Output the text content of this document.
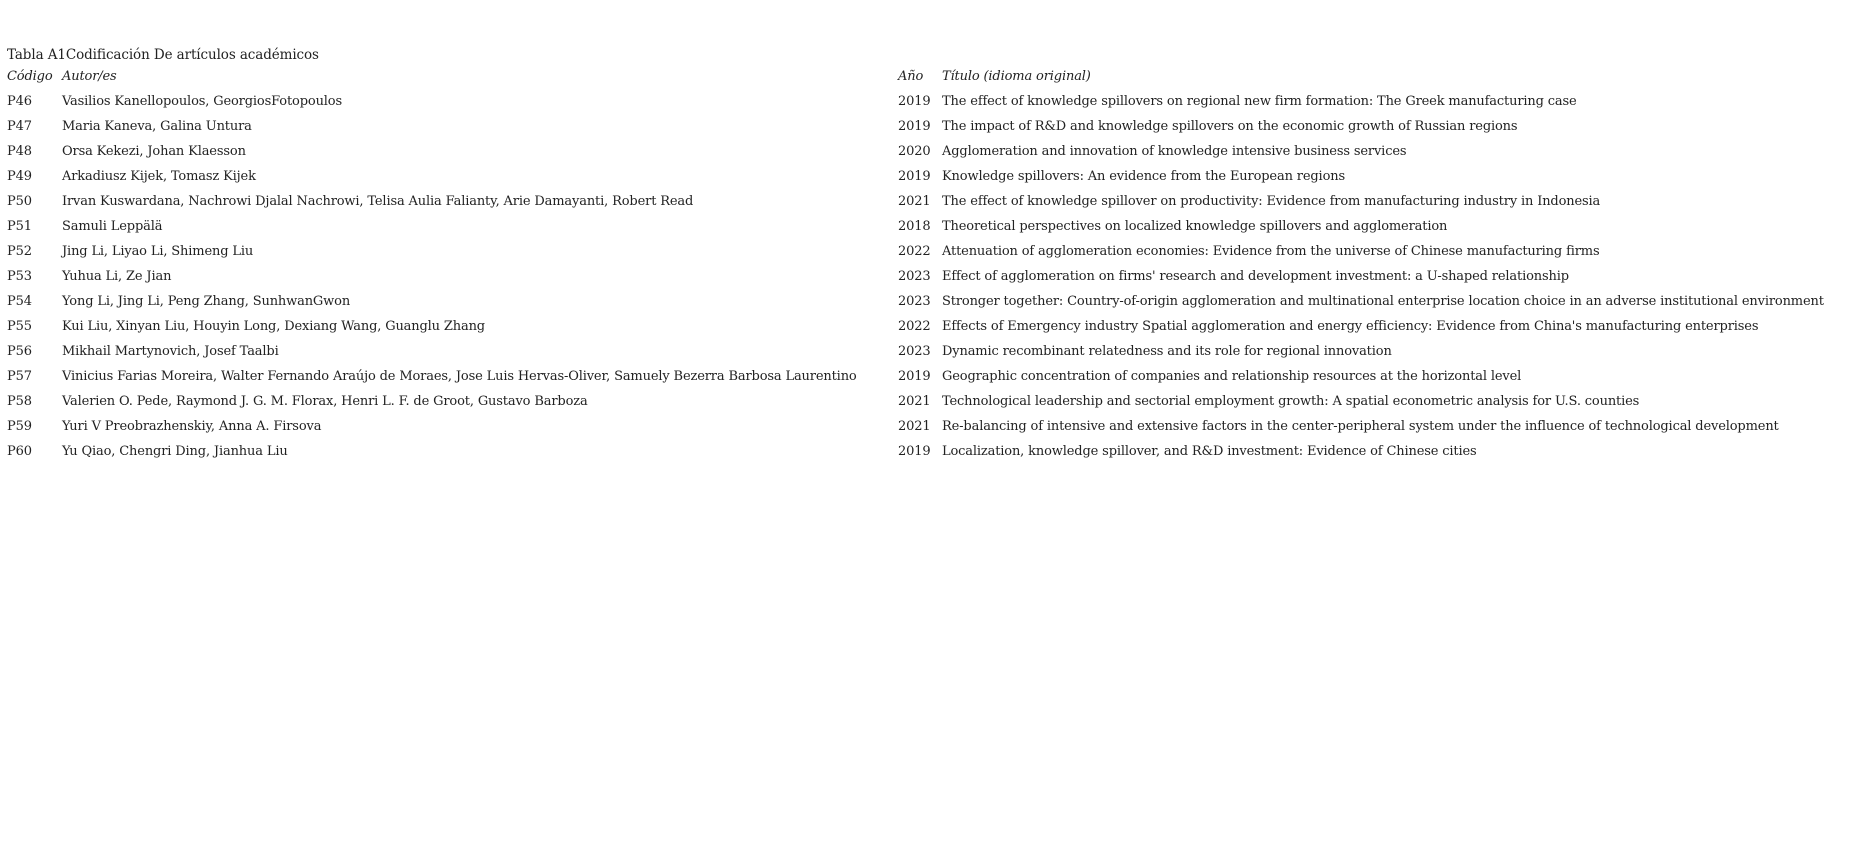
Tabla A1Codificación De artículos académicos
Código	Autor/es	Año	Título (idioma original)
P46	Vasilios Kanellopoulos, GeorgiosFotopoulos	2019	The effect of knowledge spillovers on regional new firm formation: The Greek manufacturing case
P47	Maria Kaneva, Galina Untura	2019	The impact of R&D and knowledge spillovers on the economic growth of Russian regions
P48	Orsa Kekezi, Johan Klaesson	2020	Agglomeration and innovation of knowledge intensive business services
P49	Arkadiusz Kijek, Tomasz Kijek	2019	Knowledge spillovers: An evidence from the European regions
P50	Irvan Kuswardana, Nachrowi Djalal Nachrowi, Telisa Aulia Falianty, Arie Damayanti, Robert Read	2021	The effect of knowledge spillover on productivity: Evidence from manufacturing industry in Indonesia
P51	Samuli Leppälä	2018	Theoretical perspectives on localized knowledge spillovers and agglomeration
P52	Jing Li, Liyao Li, Shimeng Liu	2022	Attenuation of agglomeration economies: Evidence from the universe of Chinese manufacturing firms
P53	Yuhua Li, Ze Jian	2023	Effect of agglomeration on firms' research and development investment: a U-shaped relationship
P54	Yong Li, Jing Li, Peng Zhang, SunhwanGwon	2023	Stronger together: Country-of-origin agglomeration and multinational enterprise location choice in an adverse institutional environment
P55	Kui Liu, Xinyan Liu, Houyin Long, Dexiang Wang, Guanglu Zhang	2022	Effects of Emergency industry Spatial agglomeration and energy efficiency: Evidence from China's manufacturing enterprises
P56	Mikhail Martynovich, Josef Taalbi	2023	Dynamic recombinant relatedness and its role for regional innovation
P57	Vinicius Farias Moreira, Walter Fernando Araújo de Moraes, Jose Luis Hervas-Oliver, Samuely Bezerra Barbosa Laurentino	2019	Geographic concentration of companies and relationship resources at the horizontal level
P58	Valerien O. Pede, Raymond J. G. M. Florax, Henri L. F. de Groot, Gustavo Barboza	2021	Technological leadership and sectorial employment growth: A spatial econometric analysis for U.S. counties
P59	Yuri V Preobrazhenskiy, Anna A. Firsova	2021	Re-balancing of intensive and extensive factors in the center-peripheral system under the influence of technological development
P60	Yu Qiao, Chengri Ding, Jianhua Liu	2019	Localization, knowledge spillover, and R&D investment: Evidence of Chinese cities
